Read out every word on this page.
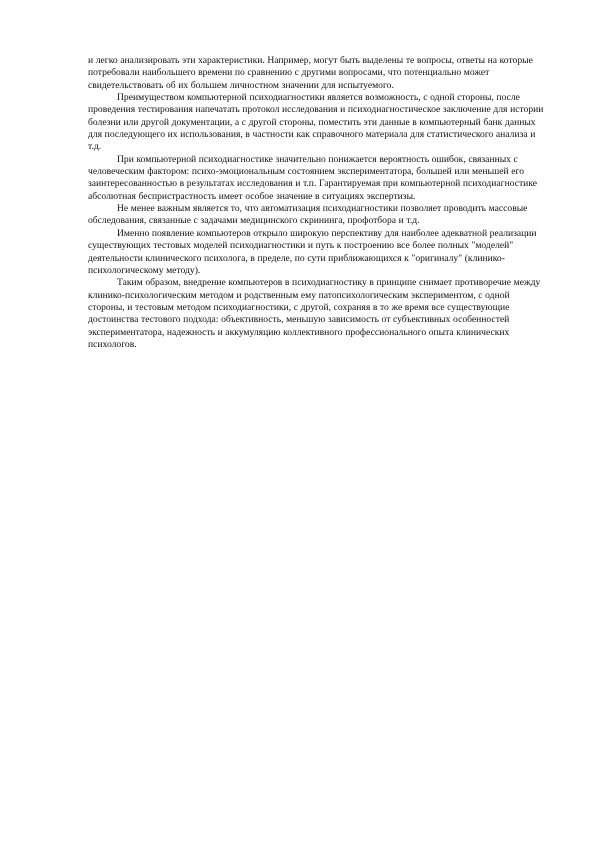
и легко анализировать эти характеристики. Например, могут быть выделены те вопросы, ответы на которые потребовали наибольшего времени по сравнению с другими вопросами, что потенциально может свидетельствовать об их большем личностном значении для испытуемого.

Преимуществом компьютерной психодиагностики является возможность, с одной стороны, после проведения тестирования напечатать протокол исследования и психодиагностическое заключение для истории болезни или другой документации, а с другой стороны, поместить эти данные в компьютерный банк данных для последующего их использования, в частности как справочного материала для статистического анализа и т.д.

При компьютерной психодиагностике значительно понижается вероятность ошибок, связанных с человеческим фактором: психо-эмоциональным состоянием экспериментатора, большей или меньшей его заинтересованностью в результатах исследования и т.п. Гарантируемая при компьютерной психодиагностике абсолютная беспристрастность имеет особое значение в ситуациях экспертизы.

Не менее важным является то, что автоматизация психодиагностики позволяет проводить массовые обследования, связанные с задачами медицинского скрининга, профотбора и т.д.

Именно появление компьютеров открыло широкую перспективу для наиболее адекватной реализации существующих тестовых моделей психодиагностики и путь к построению все более полных "моделей" деятельности клинического психолога, в пределе, по сути приближающихся к "оригиналу" (клинико-психологическому методу).

Таким образом, внедрение компьютеров в психодиагностику в принципе снимает противоречие между клинико-психологическим методом и родственным ему патопсихологическим экспериментом, с одной стороны, и тестовым методом психодиагностики, с другой, сохраняя в то же время все существующие достоинства тестового подхода: объективность, меньшую зависимость от субъективных особенностей экспериментатора, надежность и аккумуляцию коллективного профессионального опыта клинических психологов.
